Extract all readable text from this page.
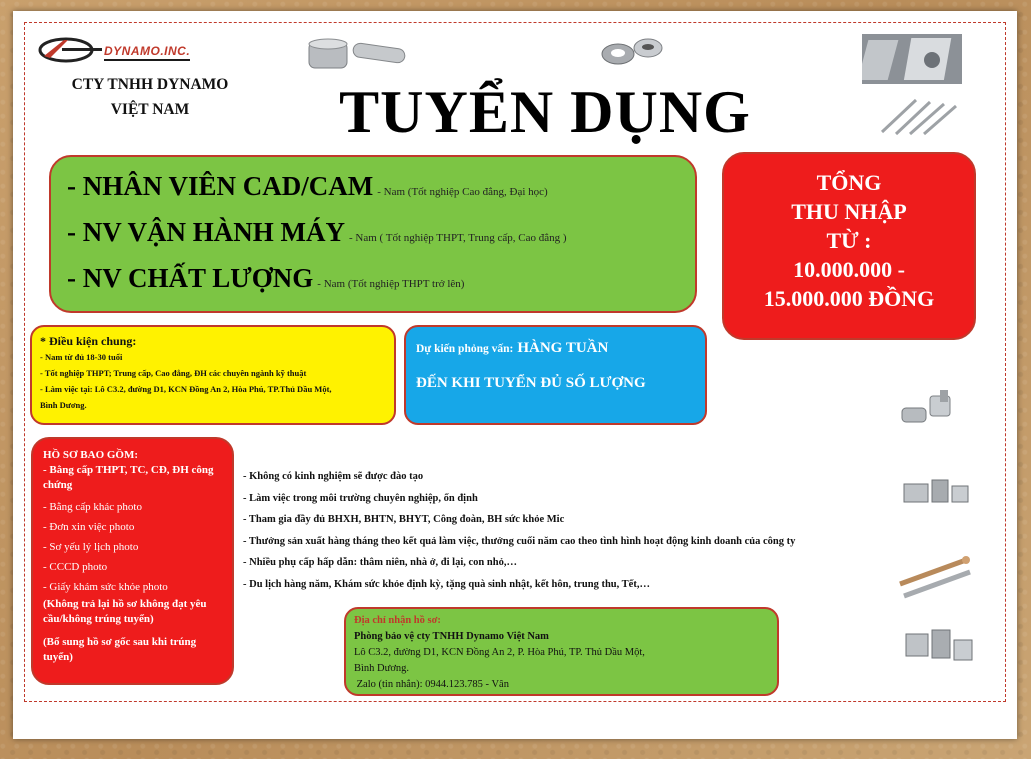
DYNAMO.INC.
CTY TNHH DYNAMO
VIỆT NAM	TUYỂN DỤNG
- NHÂN VIÊN CAD/CAM - Nam (Tốt nghiệp Cao đẳng, Đại học)
- NV VẬN HÀNH MÁY - Nam ( Tốt nghiệp THPT, Trung cấp, Cao đẳng )
- NV CHẤT LƯỢNG - Nam (Tốt nghiệp THPT trở lên)
TỔNG
THU NHẬP
TỪ :
10.000.000 -
15.000.000 ĐỒNG
* Điều kiện chung:
- Nam từ đủ 18-30 tuổi
- Tốt nghiệp THPT; Trung cấp, Cao đẳng, ĐH các chuyên ngành kỹ thuật
- Làm việc tại: Lô C3.2, đường D1, KCN Đồng An 2, Hòa Phú, TP.Thủ Dầu Một,
Bình Dương.
Dự kiến phỏng vấn: HÀNG TUẦN
ĐẾN KHI TUYỂN ĐỦ SỐ LƯỢNG
HỒ SƠ BAO GỒM:
- Bằng cấp THPT, TC, CĐ, ĐH công chứng
- Bằng cấp khác photo
- Đơn xin việc photo
- Sơ yếu lý lịch photo
- CCCD photo
- Giấy khám sức khỏe photo
(Không trả lại hồ sơ không đạt yêu cầu/không trúng tuyển)
(Bổ sung hồ sơ gốc sau khi trúng tuyển)
- Không có kinh nghiệm sẽ được đào tạo
- Làm việc trong môi trường chuyên nghiệp, ổn định
- Tham gia đầy đủ BHXH, BHTN, BHYT, Công đoàn, BH sức khỏe Mic
- Thưởng sản xuất hàng tháng theo kết quả làm việc, thưởng cuối năm cao theo tình hình hoạt động kinh doanh của công ty
- Nhiều phụ cấp hấp dẫn: thâm niên, nhà ở, đi lại, con nhỏ,…
- Du lịch hàng năm, Khám sức khỏe định kỳ, tặng quà sinh nhật, kết hôn, trung thu, Tết,…
Địa chỉ nhận hồ sơ:
Phòng bảo vệ cty TNHH Dynamo Việt Nam
Lô C3.2, đường D1, KCN Đồng An 2, P. Hòa Phú, TP. Thủ Dầu Một,
Bình Dương.
Zalo (tin nhắn): 0944.123.785 - Vân
